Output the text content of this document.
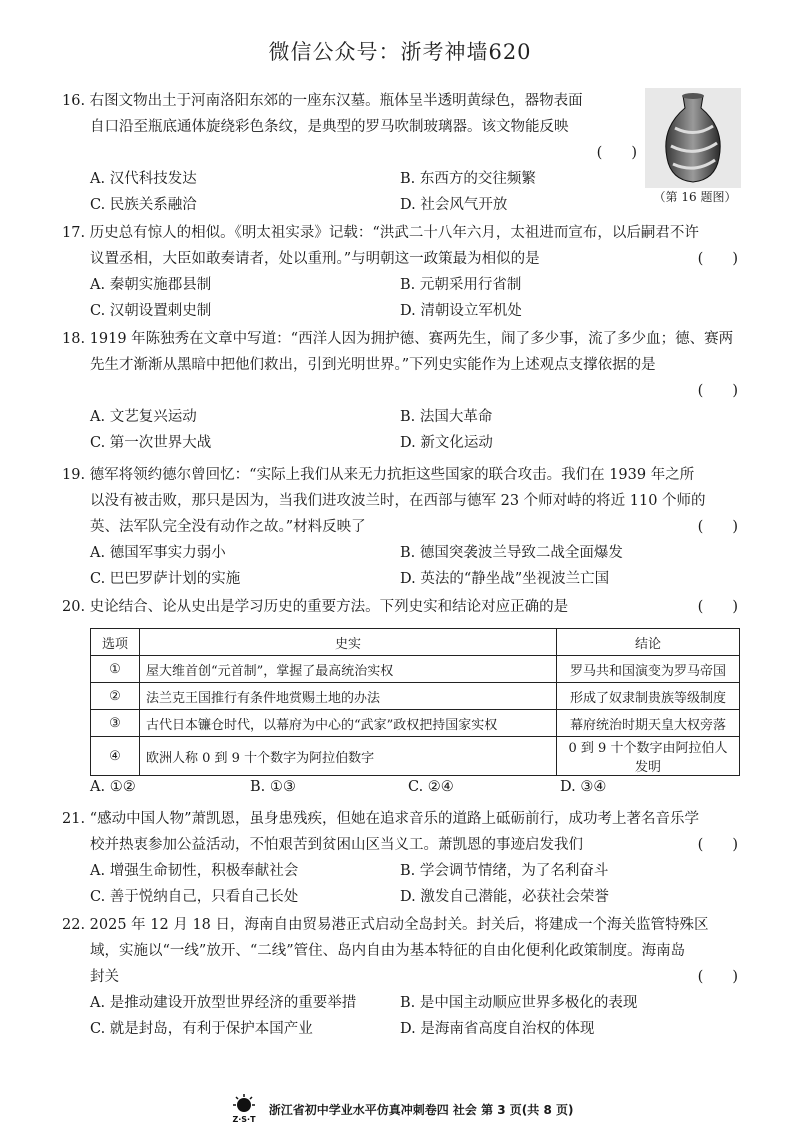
微信公众号：浙考神墙620

16. 右图文物出土于河南洛阳东郊的一座东汉墓。瓶体呈半透明黄绿色，器物表面

自口沿至瓶底通体旋绕彩色条纹，是典型的罗马吹制玻璃器。该文物能反映

(　　)

A. 汉代科技发达	B. 东西方的交往频繁
C. 民族关系融洽	D. 社会风气开放	（第 16 题图）

17. 历史总有惊人的相似。《明太祖实录》记载：“洪武二十八年六月，太祖进而宣布，以后嗣君不许

议置丞相，大臣如敢奏请者，处以重刑。”与明朝这一政策最为相似的是	(　　)

A. 秦朝实施郡县制	B. 元朝采用行省制
C. 汉朝设置刺史制	D. 清朝设立军机处

18. 1919 年陈独秀在文章中写道：“西洋人因为拥护德、赛两先生，闹了多少事，流了多少血；德、赛两

先生才渐渐从黑暗中把他们救出，引到光明世界。”下列史实能作为上述观点支撑依据的是

(　　)

A. 文艺复兴运动	B. 法国大革命
C. 第一次世界大战	D. 新文化运动

19. 德军将领约德尔曾回忆：“实际上我们从来无力抗拒这些国家的联合攻击。我们在 1939 年之所

以没有被击败，那只是因为，当我们进攻波兰时，在西部与德军 23 个师对峙的将近 110 个师的

英、法军队完全没有动作之故。”材料反映了	(　　)

A. 德国军事实力弱小	B. 德国突袭波兰导致二战全面爆发
C. 巴巴罗萨计划的实施	D. 英法的“静坐战”坐视波兰亡国

20. 史论结合、论从史出是学习历史的重要方法。下列史实和结论对应正确的是	(　　)

选项	史实	结论
①	屋大维首创“元首制”，掌握了最高统治实权	罗马共和国演变为罗马帝国
②	法兰克王国推行有条件地赏赐土地的办法	形成了奴隶制贵族等级制度
③	古代日本镰仓时代，以幕府为中心的“武家”政权把持国家实权	幕府统治时期天皇大权旁落
④	欧洲人称 0 到 9 十个数字为阿拉伯数字	0 到 9 十个数字由阿拉伯人发明
A. ①②	B. ①③	C. ②④	D. ③④

21. “感动中国人物”萧凯恩，虽身患残疾，但她在追求音乐的道路上砥砺前行，成功考上著名音乐学

校并热衷参加公益活动，不怕艰苦到贫困山区当义工。萧凯恩的事迹启发我们	(　　)

A. 增强生命韧性，积极奉献社会	B. 学会调节情绪，为了名利奋斗
C. 善于悦纳自己，只看自己长处	D. 激发自己潜能，必获社会荣誉

22. 2025 年 12 月 18 日，海南自由贸易港正式启动全岛封关。封关后，将建成一个海关监管特殊区

域，实施以“一线”放开、“二线”管住、岛内自由为基本特征的自由化便利化政策制度。海南岛

封关	(　　)

A. 是推动建设开放型世界经济的重要举措	B. 是中国主动顺应世界多极化的表现
C. 就是封岛，有利于保护本国产业	D. 是海南省高度自治权的体现
Z·S·T
浙江省初中学业水平仿真冲刺卷四 社会 第 3 页(共 8 页)
